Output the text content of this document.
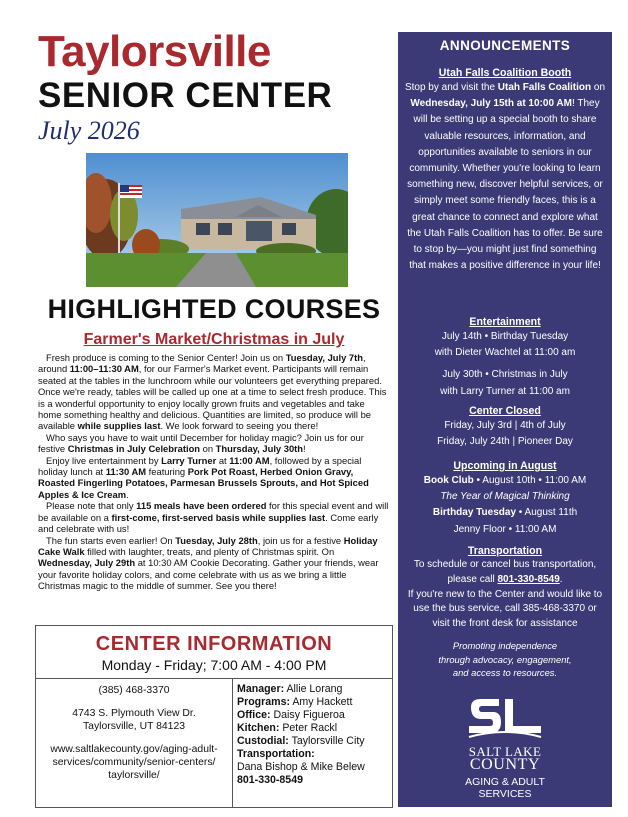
Taylorsville
SENIOR CENTER
July 2026
HIGHLIGHTED COURSES
Farmer's Market/Christmas in July

Fresh produce is coming to the Senior Center! Join us on Tuesday, July 7th, around 11:00–11:30 AM, for our Farmer's Market event. Participants will remain seated at the tables in the lunchroom while our volunteers get everything prepared. Once we're ready, tables will be called up one at a time to select fresh produce. This is a wonderful opportunity to enjoy locally grown fruits and vegetables and take home something healthy and delicious. Quantities are limited, so produce will be available while supplies last. We look forward to seeing you there!

Who says you have to wait until December for holiday magic? Join us for our festive Christmas in July Celebration on Thursday, July 30th!

Enjoy live entertainment by Larry Turner at 11:00 AM, followed by a special holiday lunch at 11:30 AM featuring Pork Pot Roast, Herbed Onion Gravy, Roasted Fingerling Potatoes, Parmesan Brussels Sprouts, and Hot Spiced Apples & Ice Cream.

Please note that only 115 meals have been ordered for this special event and will be available on a first-come, first-served basis while supplies last. Come early and celebrate with us!

The fun starts even earlier! On Tuesday, July 28th, join us for a festive Holiday Cake Walk filled with laughter, treats, and plenty of Christmas spirit. On Wednesday, July 29th at 10:30 AM Cookie Decorating. Gather your friends, wear your favorite holiday colors, and come celebrate with us as we bring a little Christmas magic to the middle of summer. See you there!

CENTER INFORMATION
Monday - Friday; 7:00 AM - 4:00 PM
(385) 468-3370
4743 S. Plymouth View Dr.
Taylorsville, UT 84123
www.saltlakecounty.gov/aging-adult-
services/community/senior-centers/
taylorsville/
Manager: Allie Lorang
Programs: Amy Hackett
Office: Daisy Figueroa
Kitchen: Peter Rackl
Custodial: Taylorsville City
Transportation:
Dana Bishop & Mike Belew
801-330-8549
ANNOUNCEMENTS
Utah Falls Coalition Booth
Stop by and visit the Utah Falls Coalition on Wednesday, July 15th at 10:00 AM! They will be setting up a special booth to share valuable resources, information, and opportunities available to seniors in our community. Whether you're looking to learn something new, discover helpful services, or simply meet some friendly faces, this is a great chance to connect and explore what the Utah Falls Coalition has to offer. Be sure to stop by—you might just find something that makes a positive difference in your life!
Entertainment
July 14th • Birthday Tuesday
with Dieter Wachtel at 11:00 am
July 30th • Christmas in July
with Larry Turner at 11:00 am
Center Closed
Friday, July 3rd | 4th of July
Friday, July 24th | Pioneer Day
Upcoming in August
Book Club • August 10th • 11:00 AM
The Year of Magical Thinking
Birthday Tuesday • August 11th
Jenny Floor • 11:00 AM
Transportation
To schedule or cancel bus transportation, please call 801-330-8549.
If you're new to the Center and would like to use the bus service, call 385-468-3370 or visit the front desk for assistance
Promoting independence
through advocacy, engagement,
and access to resources.
SALT LAKE
COUNTY
AGING & ADULT
SERVICES
